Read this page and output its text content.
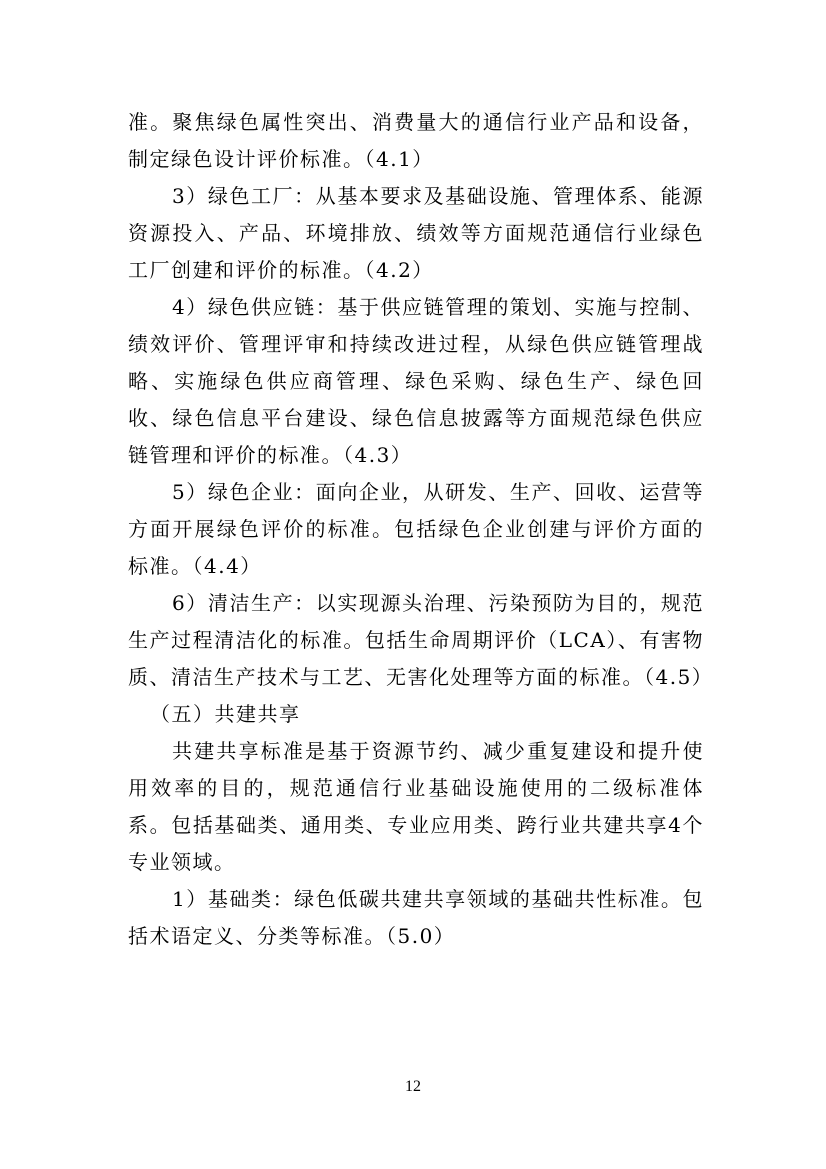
准。聚焦绿色属性突出、消费量大的通信行业产品和设备，制定绿色设计评价标准。（4.1）

3）绿色工厂：从基本要求及基础设施、管理体系、能源资源投入、产品、环境排放、绩效等方面规范通信行业绿色工厂创建和评价的标准。（4.2）

4）绿色供应链：基于供应链管理的策划、实施与控制、绩效评价、管理评审和持续改进过程，从绿色供应链管理战略、实施绿色供应商管理、绿色采购、绿色生产、绿色回收、绿色信息平台建设、绿色信息披露等方面规范绿色供应链管理和评价的标准。（4.3）

5）绿色企业：面向企业，从研发、生产、回收、运营等方面开展绿色评价的标准。包括绿色企业创建与评价方面的标准。（4.4）

6）清洁生产：以实现源头治理、污染预防为目的，规范生产过程清洁化的标准。包括生命周期评价（LCA）、有害物质、清洁生产技术与工艺、无害化处理等方面的标准。（4.5）

（五）共建共享

共建共享标准是基于资源节约、减少重复建设和提升使用效率的目的，规范通信行业基础设施使用的二级标准体系。包括基础类、通用类、专业应用类、跨行业共建共享4个专业领域。

1）基础类：绿色低碳共建共享领域的基础共性标准。包括术语定义、分类等标准。（5.0）

12
